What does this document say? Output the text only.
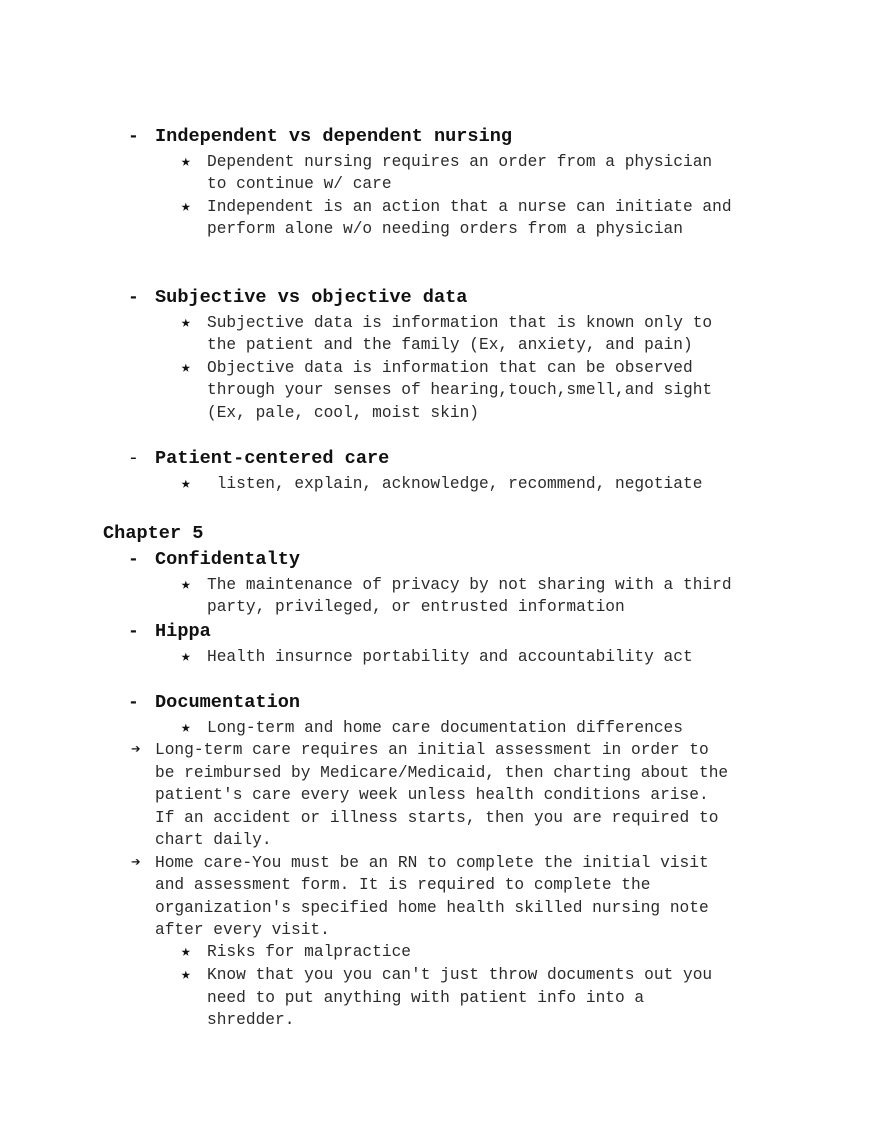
- Independent vs dependent nursing
★ Dependent nursing requires an order from a physician
to continue w/ care
★ Independent is an action that a nurse can initiate and
perform alone w/o needing orders from a physician
- Subjective vs objective data
★ Subjective data is information that is known only to
the patient and the family (Ex, anxiety, and pain)
★ Objective data is information that can be observed
through your senses of hearing,touch,smell,and sight
(Ex, pale, cool, moist skin)
- Patient-centered care
★ listen, explain, acknowledge, recommend, negotiate
Chapter 5
- Confidentalty
★ The maintenance of privacy by not sharing with a third
party, privileged, or entrusted information
- Hippa
★ Health insurnce portability and accountability act
- Documentation
★ Long-term and home care documentation differences
➔ Long-term care requires an initial assessment in order to
be reimbursed by Medicare/Medicaid, then charting about the
patient's care every week unless health conditions arise.
If an accident or illness starts, then you are required to
chart daily.
➔ Home care-You must be an RN to complete the initial visit
and assessment form. It is required to complete the
organization's specified home health skilled nursing note
after every visit.
★ Risks for malpractice
★ Know that you you can't just throw documents out you
need to put anything with patient info into a
shredder.
